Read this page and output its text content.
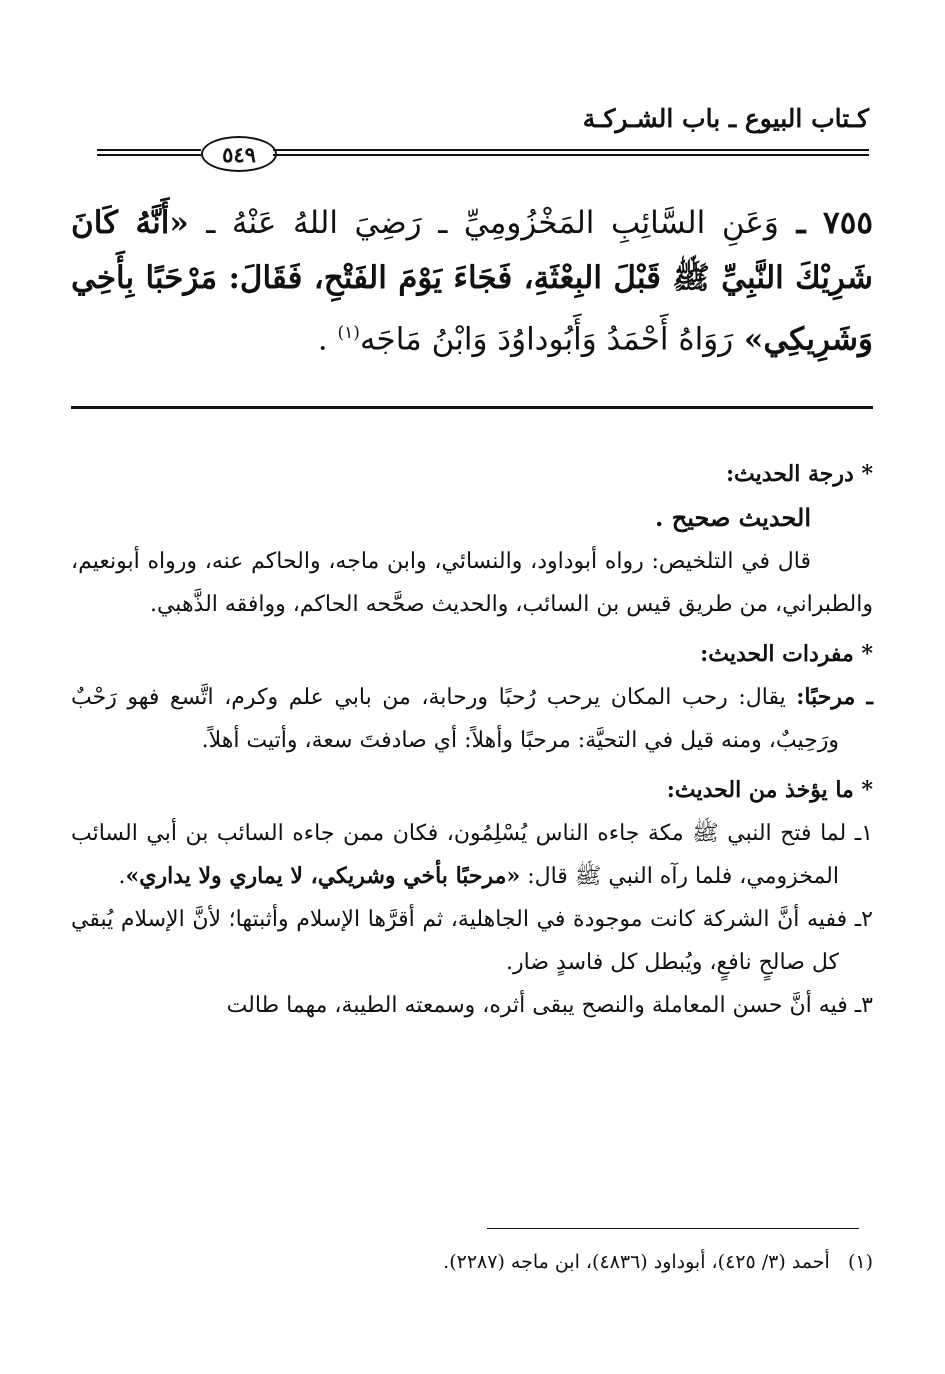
كـتاب البيوع ـ باب الشـركـة
٥٤٩
٧٥٥ ـ وَعَنِ السَّائِبِ المَخْزُومِيِّ ـ رَضِيَ اللهُ عَنْهُ ـ «أَنَّهُ كَانَ شَرِيْكَ النَّبِيِّ ﷺ قَبْلَ البِعْثَةِ، فَجَاءَ يَوْمَ الفَتْحِ، فَقَالَ: مَرْحَبًا بِأَخِي وَشَرِيكِي» رَوَاهُ أَحْمَدُ وَأَبُوداوُدَ وَابْنُ مَاجَه$^{(١)}$ .

* درجة الحديث:

الحديث صحيح .

قال في التلخيص: رواه أبوداود، والنسائي، وابن ماجه، والحاكم عنه، ورواه أبونعيم، والطبراني، من طريق قيس بن السائب، والحديث صحَّحه الحاكم، ووافقه الذَّهبي.

* مفردات الحديث:

ـ مرحبًا: يقال: رحب المكان يرحب رُحبًا ورحابة، من بابي علم وكرم، اتَّسع فهو رَحْبٌ ورَحِيبٌ، ومنه قيل في التحيَّة: مرحبًا وأهلاً: أي صادفتَ سعة، وأتيت أهلاً.

* ما يؤخذ من الحديث:

١ـ لما فتح النبي ﷺ مكة جاءه الناس يُسْلِمُون، فكان ممن جاءه السائب بن أبي السائب المخزومي، فلما رآه النبي ﷺ قال: «مرحبًا بأخي وشريكي، لا يماري ولا يداري».

٢ـ ففيه أنَّ الشركة كانت موجودة في الجاهلية، ثم أقرَّها الإسلام وأثبتها؛ لأنَّ الإسلام يُبقي كل صالحٍ نافعٍ، ويُبطل كل فاسدٍ ضار.

٣ـ فيه أنَّ حسن المعاملة والنصح يبقى أثره، وسمعته الطيبة، مهما طالت

(١)   أحمد (٣/ ٤٢٥)، أبوداود (٤٨٣٦)، ابن ماجه (٢٢٨٧).
